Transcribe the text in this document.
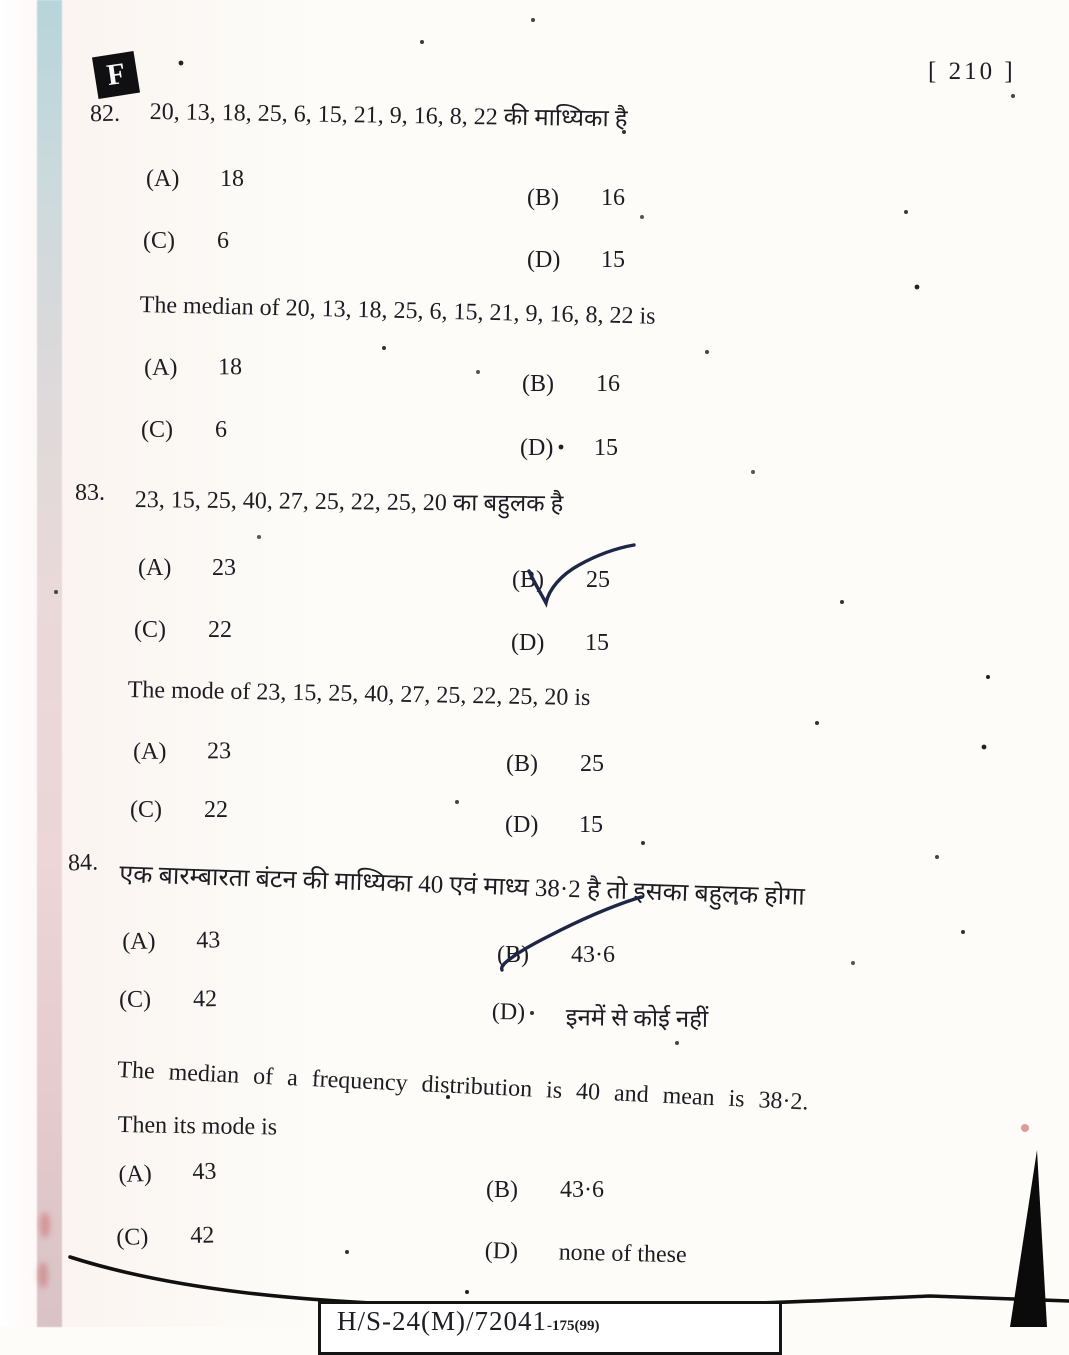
F	[ 210 ]
82. 20, 13, 18, 25, 6, 15, 21, 9, 16, 8, 22 की माध्यिका है
(A)	18
(B)	16
(C)	6
(D)	15
The median of 20, 13, 18, 25, 6, 15, 21, 9, 16, 8, 22 is
(A)	18
(B)	16
(C)	6
(D)	15
83. 23, 15, 25, 40, 27, 25, 22, 25, 20 का बहुलक है
(A)	23	(B)	25
(C)	22	(D)	15
The mode of 23, 15, 25, 40, 27, 25, 22, 25, 20 is
(A)	23	(B)	25
(C)	22
(D)	15
84. एक बारम्बारता बंटन की माध्यिका 40 एवं माध्य 38·2 है तो इसका बहुलक होगा
(A)	43
(B)	43·6
(C)	42	(D)	इनमें से कोई नहीं
The median of a frequency distribution is 40 and mean is 38·2.
Then its mode is
(A)	43
(B)	43·6
(C)	42
(D)	none of these
H/S-24(M)/72041-175(99)
